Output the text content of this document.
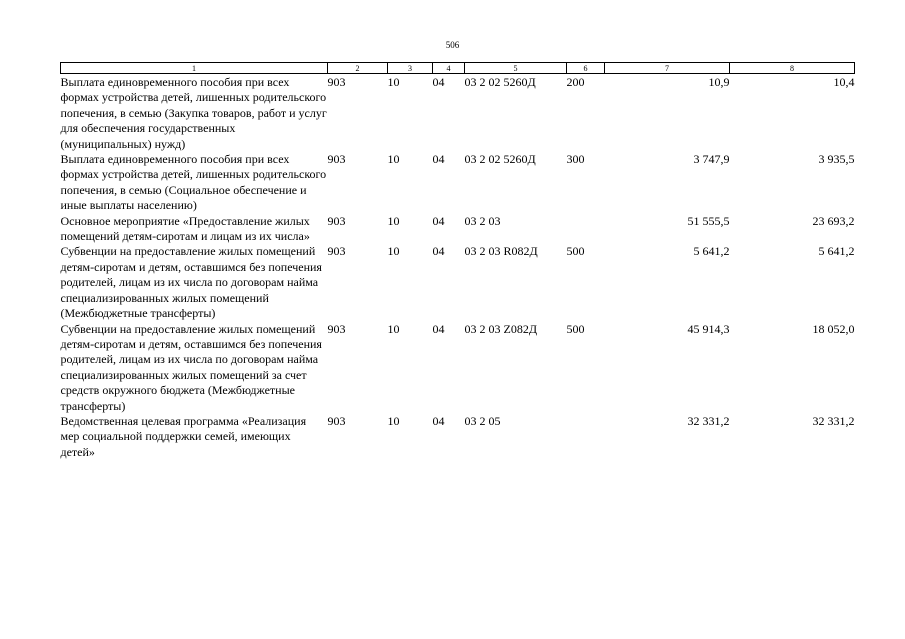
506
1	2	3	4	5	6	7	8
Выплата единовременного пособия при всех формах устройства детей, лишенных родительского попечения, в семью (Закупка товаров, работ и услуг для обеспечения государственных (муниципальных) нужд)	903	10	04	03 2 02 5260Д	200	10,9	10,4
Выплата единовременного пособия при всех формах устройства детей, лишенных родительского попечения, в семью (Социальное обеспечение и иные выплаты населению)	903	10	04	03 2 02 5260Д	300	3 747,9	3 935,5
Основное мероприятие «Предоставление жилых помещений детям-сиротам и лицам из их числа»	903	10	04	03 2 03		51 555,5	23 693,2
Субвенции на предоставление жилых помещений детям-сиротам и детям, оставшимся без попечения родителей, лицам из их числа по договорам найма специализированных жилых помещений (Межбюджетные трансферты)	903	10	04	03 2 03 R082Д	500	5 641,2	5 641,2
Субвенции на предоставление жилых помещений детям-сиротам и детям, оставшимся без попечения родителей, лицам из их числа по договорам найма специализированных жилых помещений за счет средств окружного бюджета (Межбюджетные трансферты)	903	10	04	03 2 03 Z082Д	500	45 914,3	18 052,0
Ведомственная целевая программа «Реализация мер социальной поддержки семей, имеющих детей»	903	10	04	03 2 05		32 331,2	32 331,2
